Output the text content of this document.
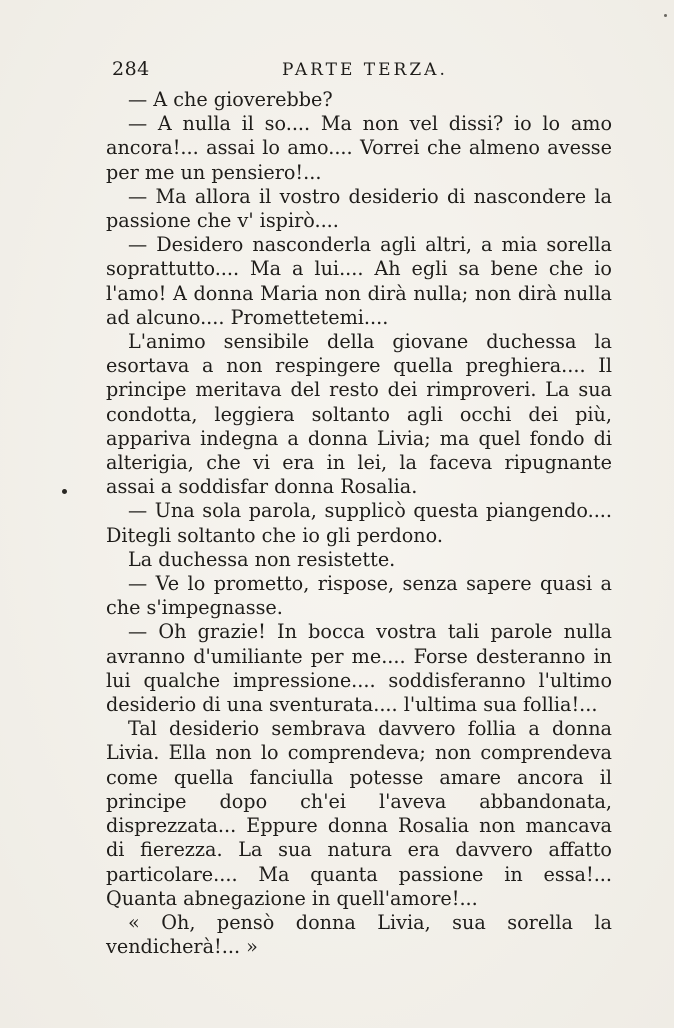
284	PARTE TERZA.

— A che gioverebbe?

— A nulla il so.... Ma non vel dissi? io lo amo ancora!... assai lo amo.... Vorrei che almeno avesse per me un pensiero!...

— Ma allora il vostro desiderio di nascondere la passione che v' ispirò....

— Desidero nasconderla agli altri, a mia sorella soprattutto.... Ma a lui.... Ah egli sa bene che io l'amo! A donna Maria non dirà nulla; non dirà nulla ad alcuno.... Promettetemi....

L'animo sensibile della giovane duchessa la esortava a non respingere quella preghiera.... Il principe meritava del resto dei rimproveri. La sua condotta, leggiera soltanto agli occhi dei più, appariva indegna a donna Livia; ma quel fondo di alterigia, che vi era in lei, la faceva ripugnante assai a soddisfar donna Rosalia.

— Una sola parola, supplicò questa piangendo.... Ditegli soltanto che io gli perdono.

La duchessa non resistette.

— Ve lo prometto, rispose, senza sapere quasi a che s'impegnasse.

— Oh grazie! In bocca vostra tali parole nulla avranno d'umiliante per me.... Forse desteranno in lui qualche impressione.... soddisferanno l'ultimo desiderio di una sventurata.... l'ultima sua follia!...

Tal desiderio sembrava davvero follia a donna Livia. Ella non lo comprendeva; non comprendeva come quella fanciulla potesse amare ancora il principe dopo ch'ei l'aveva abbandonata, disprezzata... Eppure donna Rosalia non mancava di fierezza. La sua natura era davvero affatto particolare.... Ma quanta passione in essa!... Quanta abnegazione in quell'amore!...

« Oh, pensò donna Livia, sua sorella la vendicherà!... »
